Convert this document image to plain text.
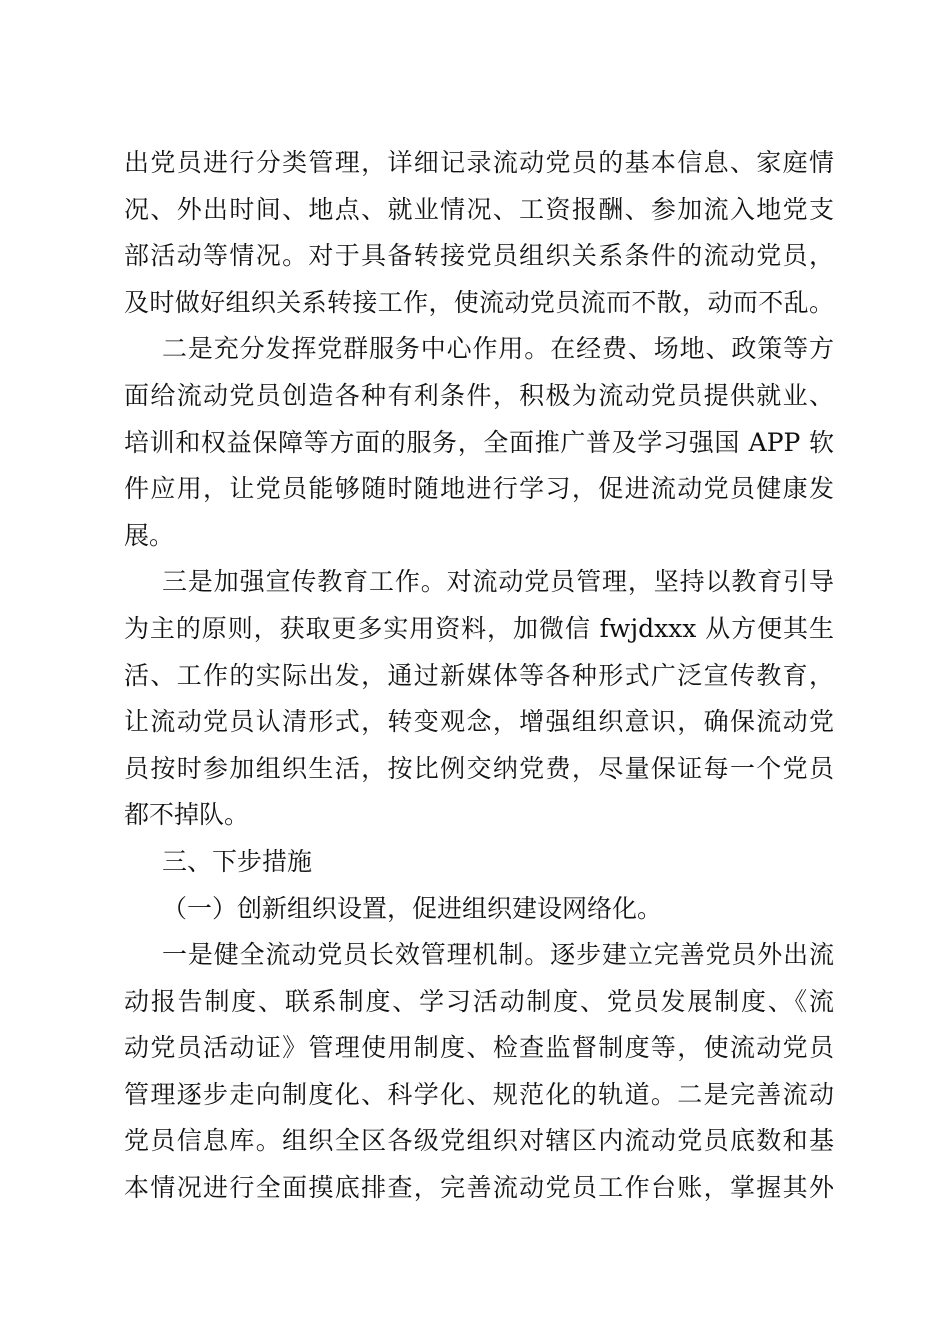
出党员进行分类管理，详细记录流动党员的基本信息、家庭情
况、外出时间、地点、就业情况、工资报酬、参加流入地党支
部活动等情况。对于具备转接党员组织关系条件的流动党员，
及时做好组织关系转接工作，使流动党员流而不散，动而不乱。
二是充分发挥党群服务中心作用。在经费、场地、政策等方
面给流动党员创造各种有利条件，积极为流动党员提供就业、
培训和权益保障等方面的服务，全面推广普及学习强国 APP 软
件应用，让党员能够随时随地进行学习，促进流动党员健康发
展。
三是加强宣传教育工作。对流动党员管理，坚持以教育引导
为主的原则，获取更多实用资料，加微信 fwjdxxx 从方便其生
活、工作的实际出发，通过新媒体等各种形式广泛宣传教育，
让流动党员认清形式，转变观念，增强组织意识，确保流动党
员按时参加组织生活，按比例交纳党费，尽量保证每一个党员
都不掉队。
三、下步措施
（一）创新组织设置，促进组织建设网络化。
一是健全流动党员长效管理机制。逐步建立完善党员外出流
动报告制度、联系制度、学习活动制度、党员发展制度、《流
动党员活动证》管理使用制度、检查监督制度等，使流动党员
管理逐步走向制度化、科学化、规范化的轨道。二是完善流动
党员信息库。组织全区各级党组织对辖区内流动党员底数和基
本情况进行全面摸底排查，完善流动党员工作台账，掌握其外
